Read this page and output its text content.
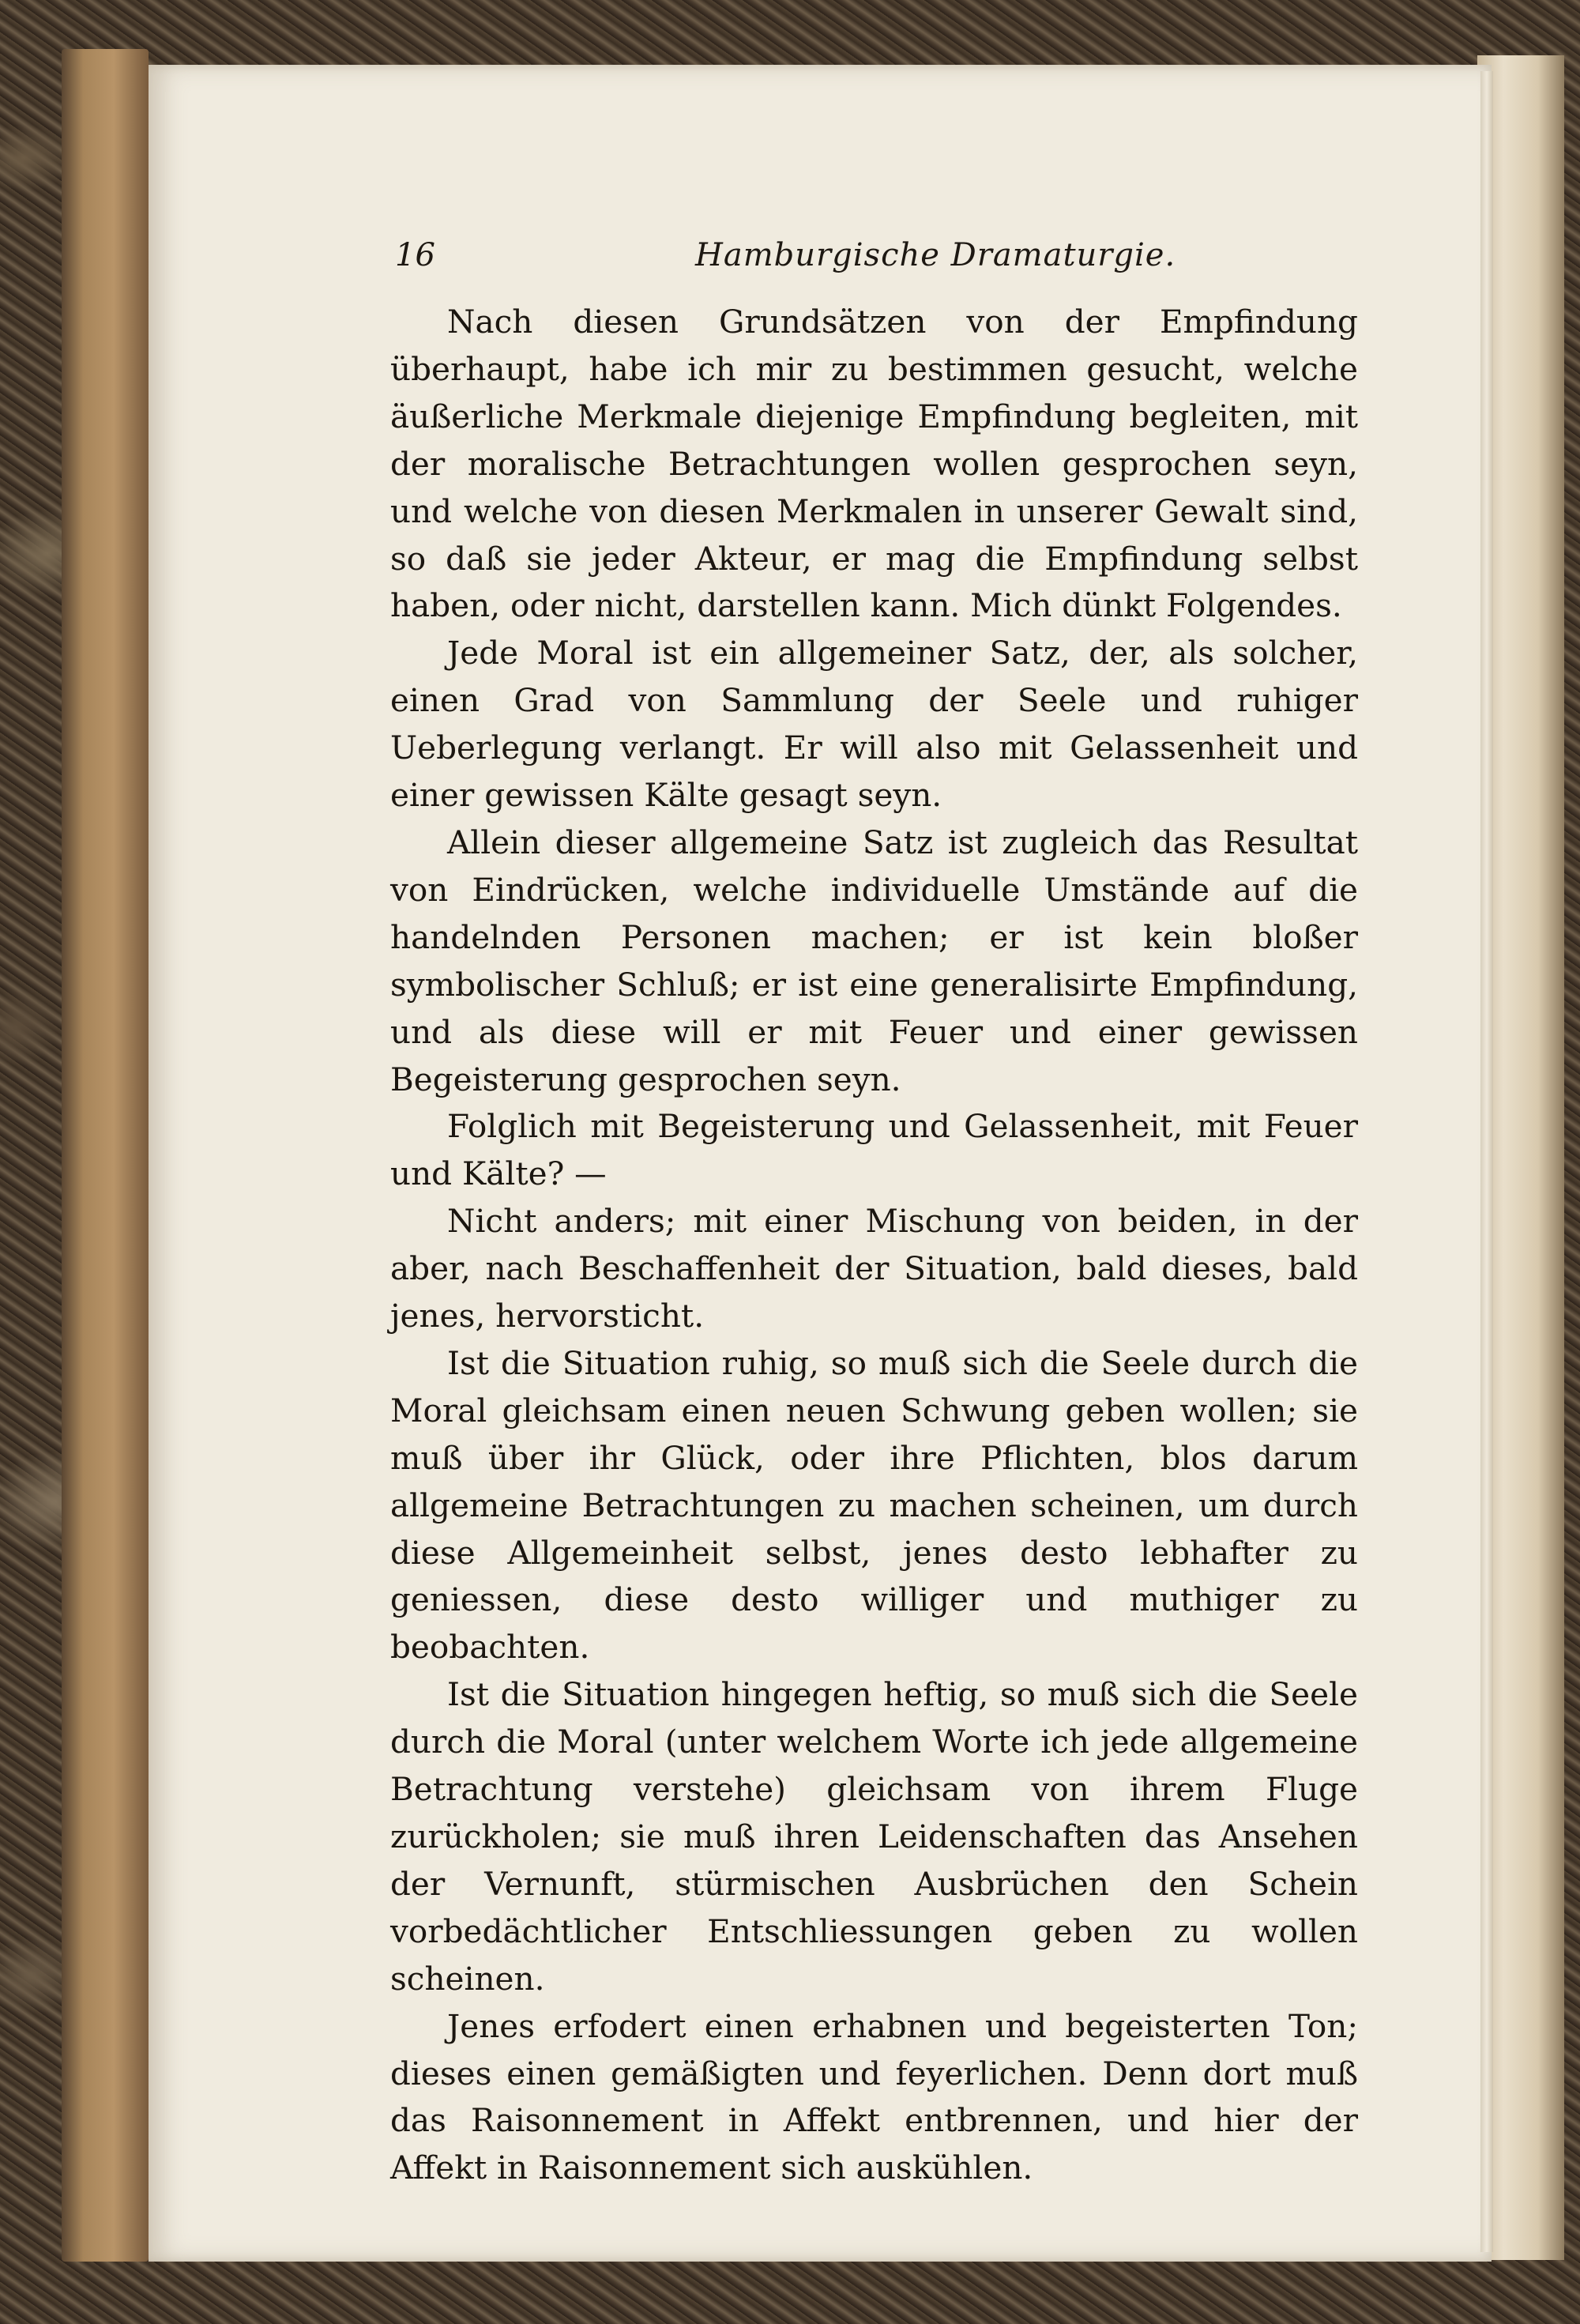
16	Hamburgische Dramaturgie.

Nach diesen Grundsätzen von der Empfindung überhaupt, habe ich mir zu bestimmen gesucht, welche äußerliche Merkmale diejenige Empfindung begleiten, mit der moralische Betrachtungen wollen gesprochen seyn, und welche von diesen Merkmalen in unserer Gewalt sind, so daß sie jeder Akteur, er mag die Empfindung selbst haben, oder nicht, darstellen kann. Mich dünkt Folgendes.

Jede Moral ist ein allgemeiner Satz, der, als solcher, einen Grad von Sammlung der Seele und ruhiger Ueberlegung verlangt. Er will also mit Gelassenheit und einer gewissen Kälte gesagt seyn.

Allein dieser allgemeine Satz ist zugleich das Resultat von Eindrücken, welche individuelle Umstände auf die handelnden Personen machen; er ist kein bloßer symbolischer Schluß; er ist eine generalisirte Empfindung, und als diese will er mit Feuer und einer gewissen Begeisterung gesprochen seyn.

Folglich mit Begeisterung und Gelassenheit, mit Feuer und Kälte? —

Nicht anders; mit einer Mischung von beiden, in der aber, nach Beschaffenheit der Situation, bald dieses, bald jenes, hervorsticht.

Ist die Situation ruhig, so muß sich die Seele durch die Moral gleichsam einen neuen Schwung geben wollen; sie muß über ihr Glück, oder ihre Pflichten, blos darum allgemeine Betrachtungen zu machen scheinen, um durch diese Allgemeinheit selbst, jenes desto lebhafter zu geniessen, diese desto williger und muthiger zu beobachten.

Ist die Situation hingegen heftig, so muß sich die Seele durch die Moral (unter welchem Worte ich jede allgemeine Betrachtung verstehe) gleichsam von ihrem Fluge zurückholen; sie muß ihren Leidenschaften das Ansehen der Vernunft, stürmischen Ausbrüchen den Schein vorbedächtlicher Entschliessungen geben zu wollen scheinen.

Jenes erfodert einen erhabnen und begeisterten Ton; dieses einen gemäßigten und feyerlichen. Denn dort muß das Raisonnement in Affekt entbrennen, und hier der Affekt in Raisonnement sich auskühlen.
